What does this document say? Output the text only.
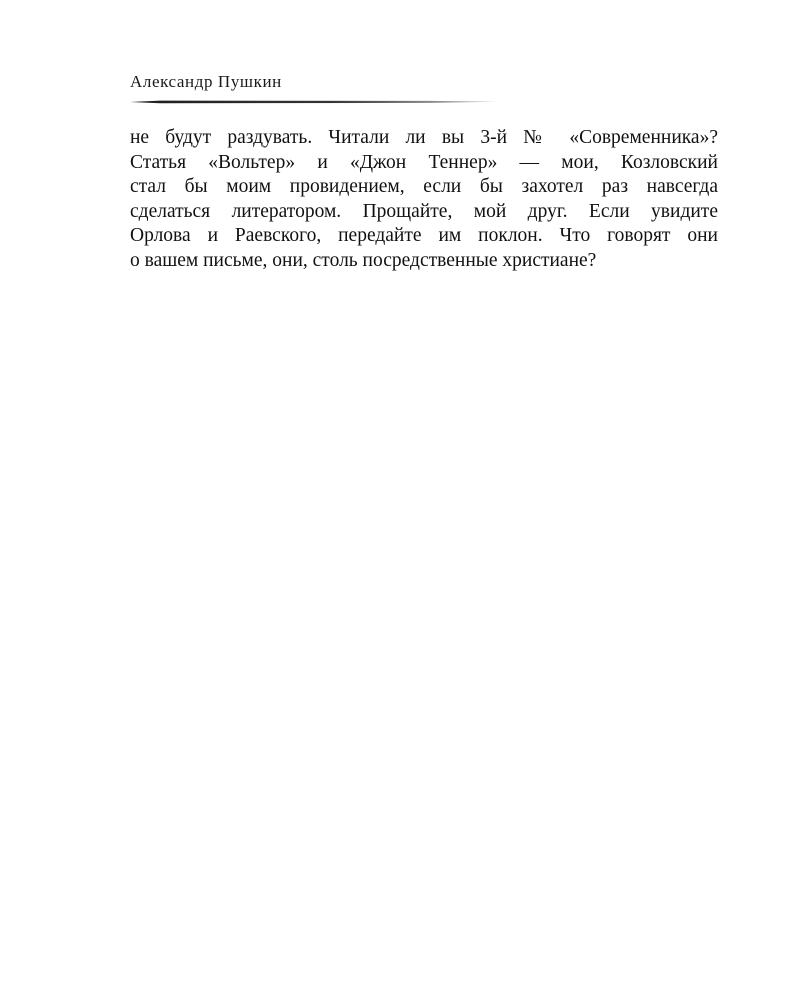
Александр Пушкин
не будут раздувать. Читали ли вы 3-й № «Современника»?
Статья «Вольтер» и «Джон Теннер» — мои, Козловский
стал бы моим провидением, если бы захотел раз навсегда
сделаться литератором. Прощайте, мой друг. Если увидите
Орлова и Раевского, передайте им поклон. Что говорят они
о вашем письме, они, столь посредственные христиане?
